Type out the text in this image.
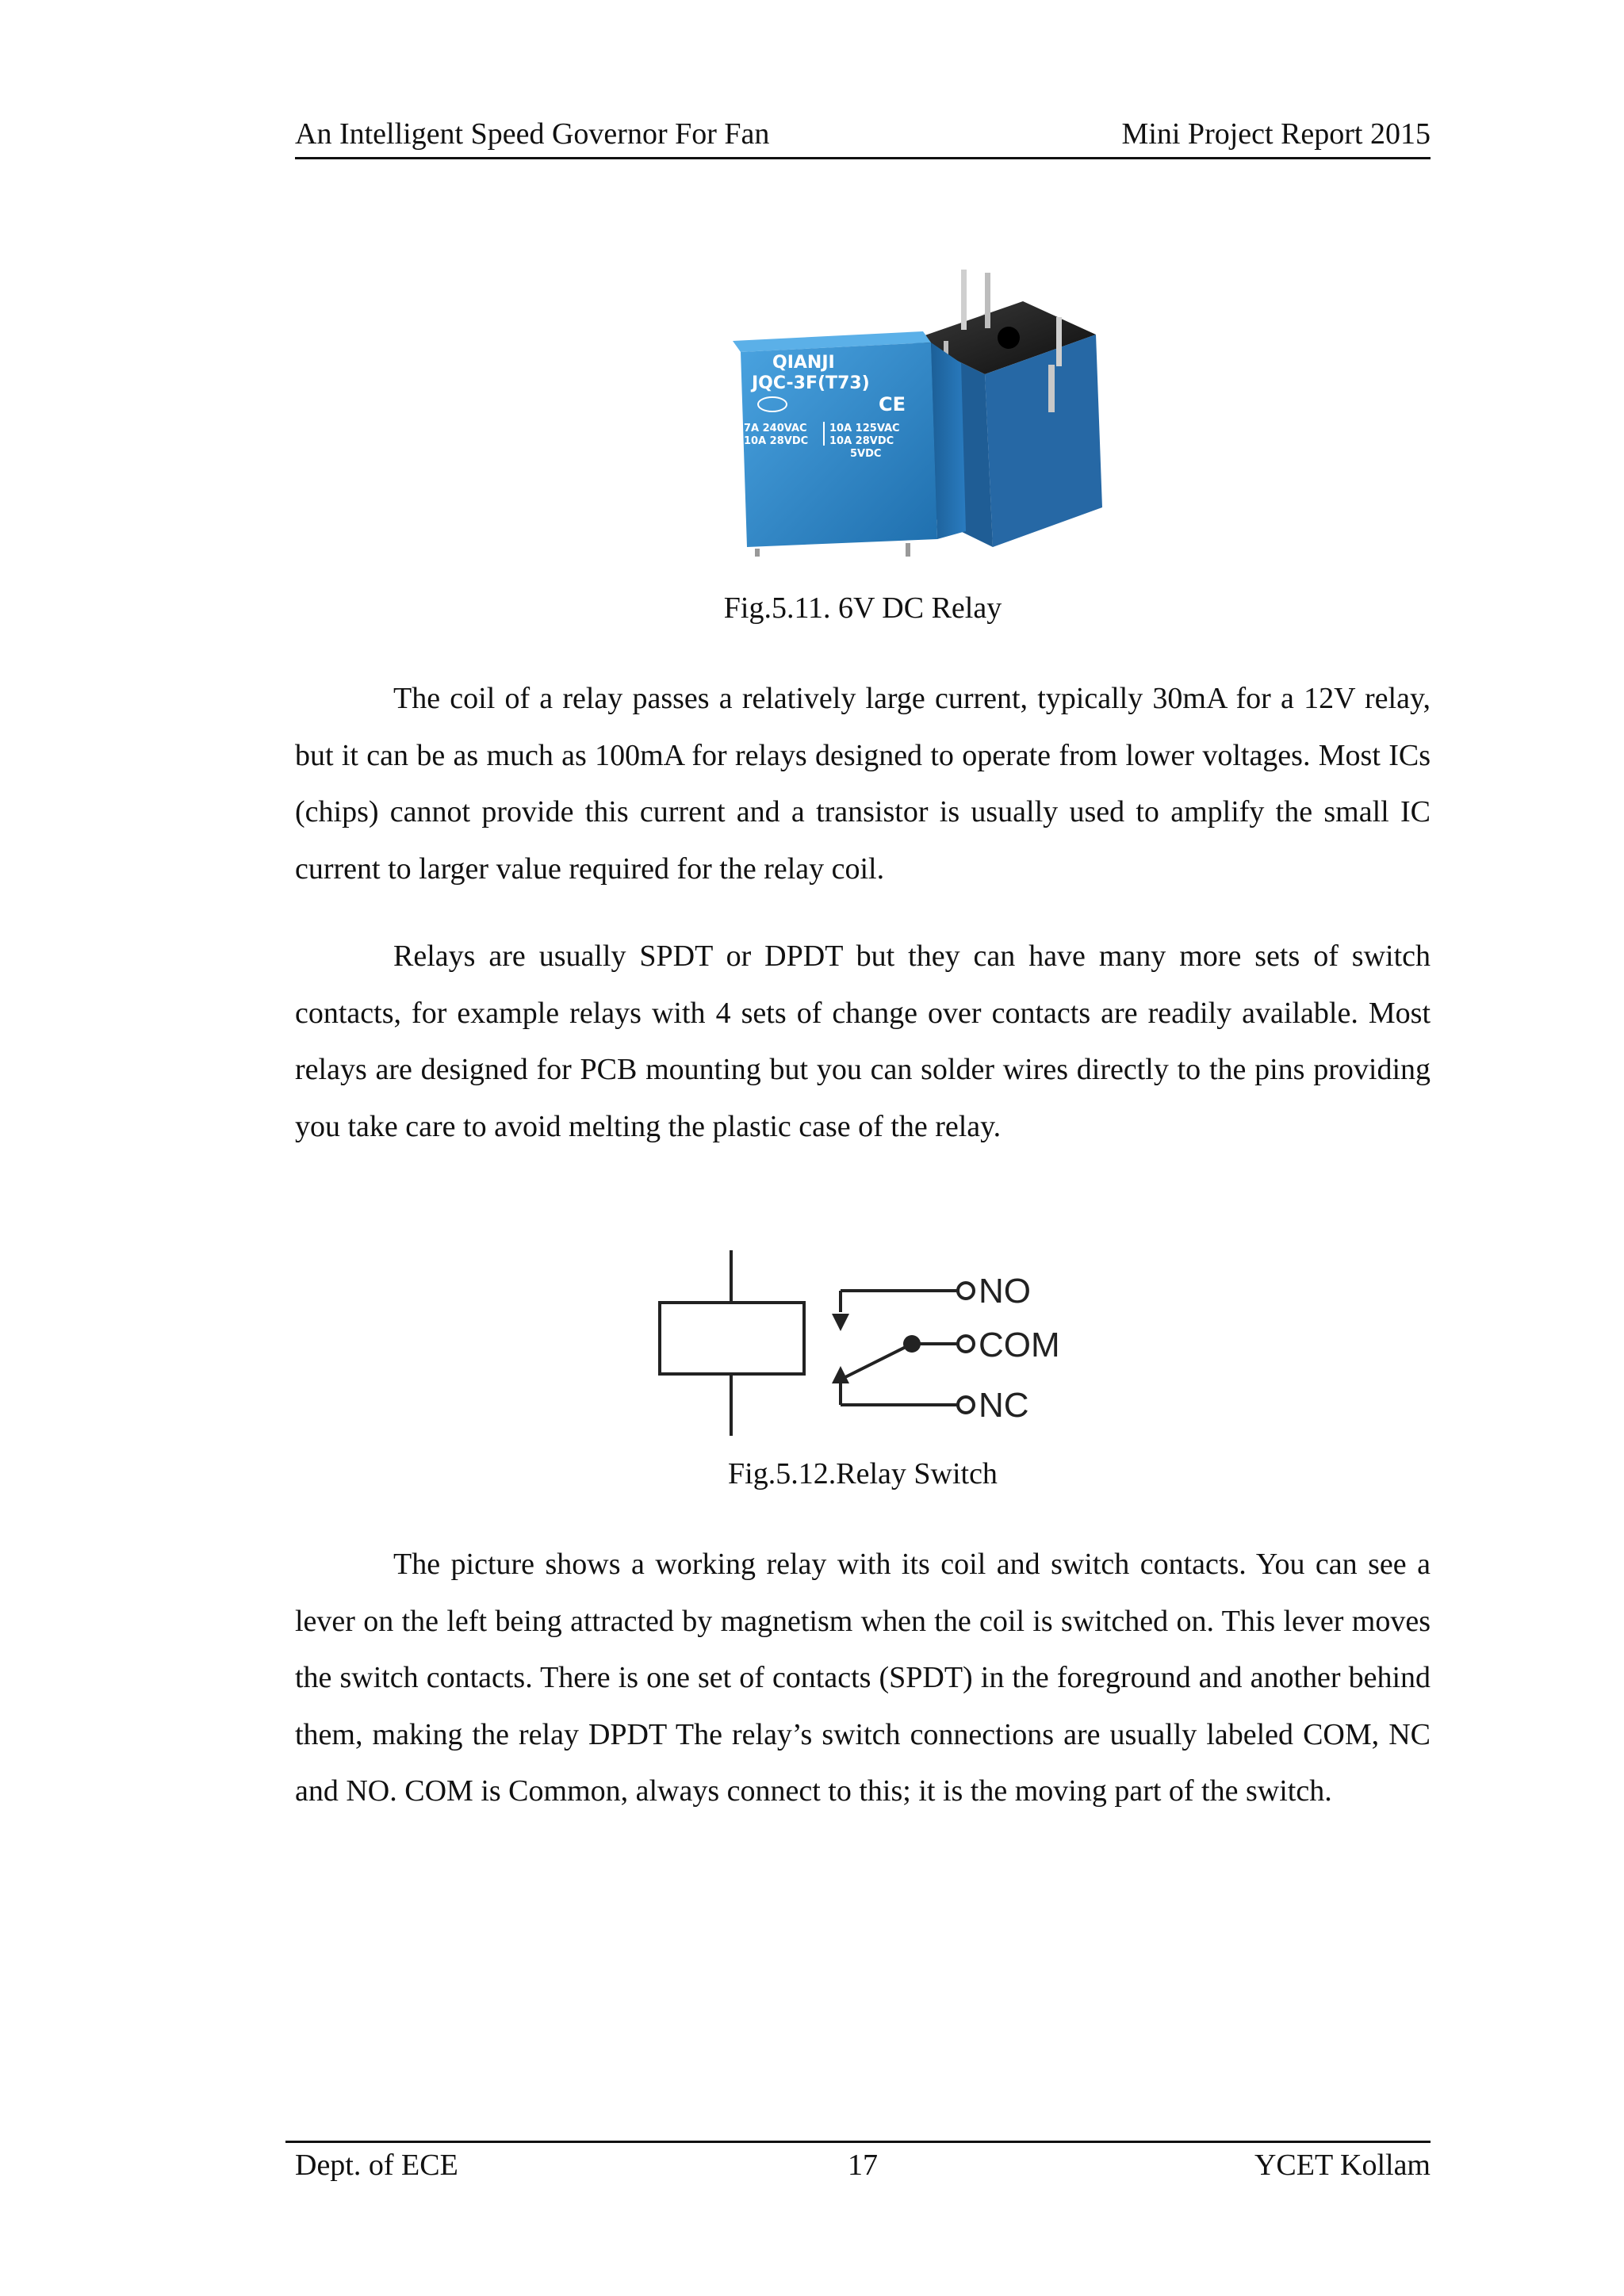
An Intelligent Speed Governor For Fan	Mini Project Report 2015
QIANJI
JQC-3F(T73)
CE
7A 240VAC
10A 28VDC
10A 125VAC
10A 28VDC
5VDC
Fig.5.11. 6V DC Relay

The coil of a relay passes a relatively large current, typically 30mA for a 12V relay, but it can be as much as 100mA for relays designed to operate from lower voltages. Most ICs (chips) cannot provide this current and a transistor is usually used to amplify the small IC current to larger value required for the relay coil.

Relays are usually SPDT or DPDT but they can have many more sets of switch contacts, for example relays with 4 sets of change over contacts are readily available. Most relays are designed for PCB mounting but you can solder wires directly to the pins providing you take care to avoid melting the plastic case of the relay.

NO
COM
NC
Fig.5.12.Relay Switch

The picture shows a working relay with its coil and switch contacts. You can see a lever on the left being attracted by magnetism when the coil is switched on. This lever moves the switch contacts. There is one set of contacts (SPDT) in the foreground and another behind them, making the relay DPDT The relay’s switch connections are usually labeled COM, NC and NO. COM is Common, always connect to this; it is the moving part of the switch.

Dept. of ECE	17	YCET Kollam
